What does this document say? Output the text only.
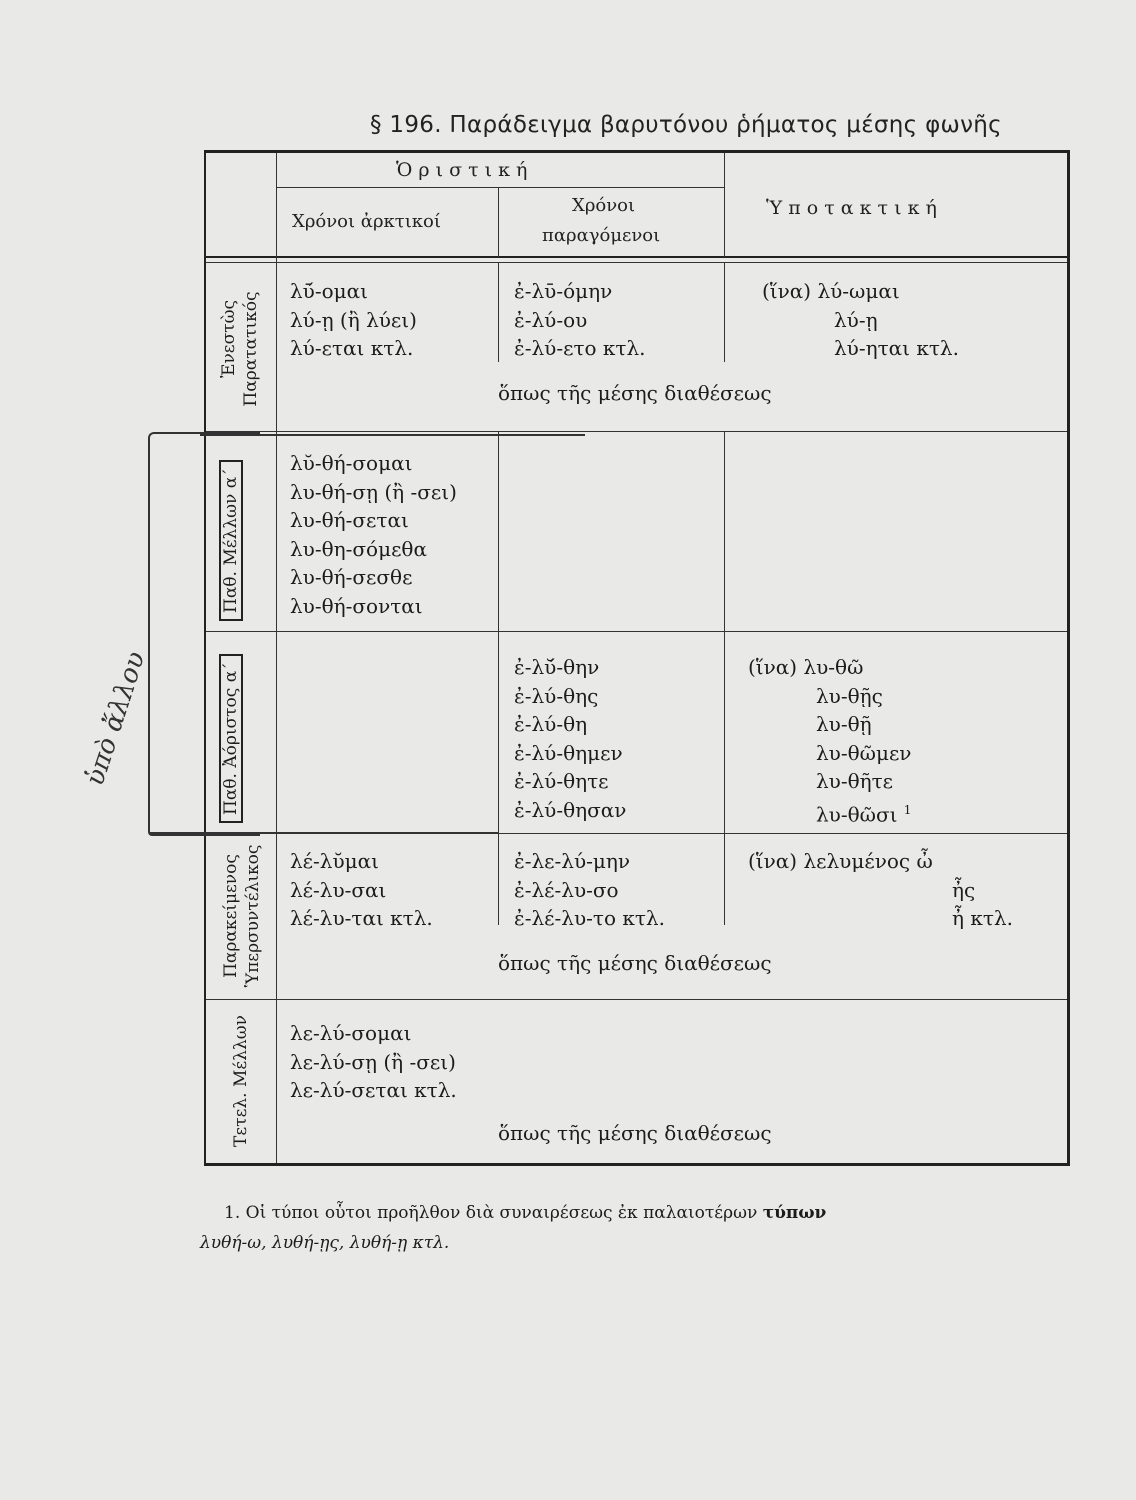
§ 196. Παράδειγμα βαρυτόνου ῥήματος μέσης φωνῆς
Ὁ ρ ι σ τ ι κ ή
Χρόνοι ἀρκτικοί
Χρόνοι
παραγόμενοι
Ὑ π ο τ α κ τ ι κ ή
Ἐνεστὼς Παρατατικός
λῡ́-ομαι
λύ-ῃ (ἢ λύει)
λύ-εται κτλ.
ἐ-λῡ-όμην
ἐ-λύ-ου
ἐ-λύ-ετο κτλ.
(ἵνα) λύ-ωμαι
λύ-ῃ
λύ-ηται κτλ.
ὅπως τῆς μέσης διαθέσεως
Παθ. Μέλλων α΄
λῠ-θή-σομαι
λυ-θή-σῃ (ἢ -σει)
λυ-θή-σεται
λυ-θη-σόμεθα
λυ-θή-σεσθε
λυ-θή-σονται
Παθ. Ἀόριστος α΄	ἐ-λῠ́-θην
ἐ-λύ-θης
ἐ-λύ-θη
ἐ-λύ-θημεν
ἐ-λύ-θητε
ἐ-λύ-θησαν
(ἵνα) λυ-θῶ
λυ-θῇς
λυ-θῇ
λυ-θῶμεν
λυ-θῆτε
λυ-θῶσι $^1$
Παρακείμενος Ὑπερσυντέλικος λέ-λῠμαι
λέ-λυ-σαι
λέ-λυ-ται κτλ.
ἐ-λε-λύ-μην
ἐ-λέ-λυ-σο
ἐ-λέ-λυ-το κτλ.
(ἵνα) λελυμένος ὦ
ἦς
ἦ κτλ.
ὅπως τῆς μέσης διαθέσεως
Τετελ. Μέλλων λε-λύ-σομαι
λε-λύ-σῃ (ἢ -σει)
λε-λύ-σεται κτλ.
ὅπως τῆς μέσης διαθέσεως
ὑπὸ ἄλλου
1. Οἱ τύποι οὗτοι προῆλθον διὰ συναιρέσεως ἐκ παλαιοτέρων τύπων
λυθή-ω, λυθή-ῃς, λυθή-ῃ κτλ.
